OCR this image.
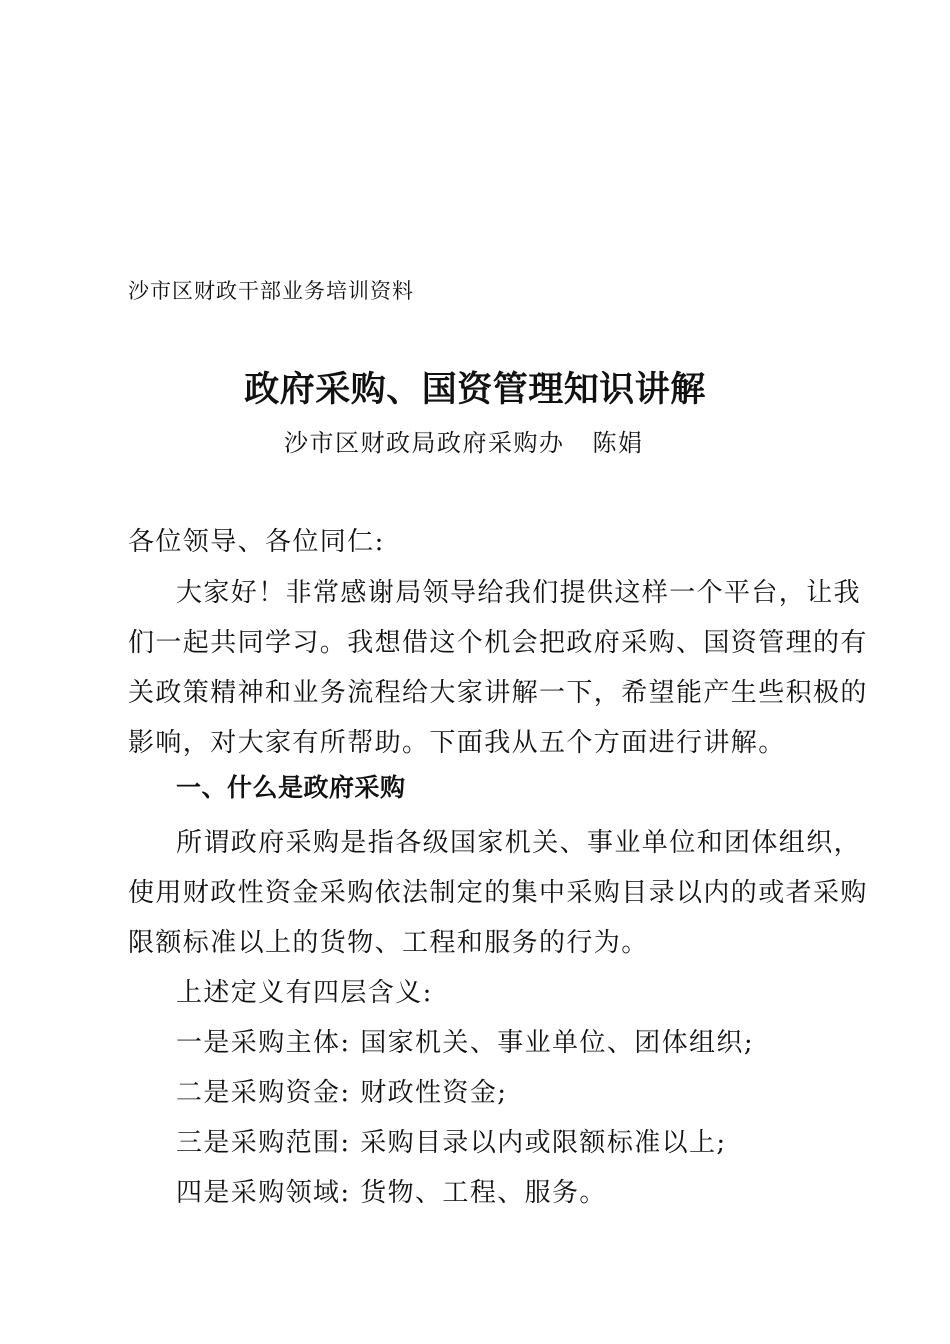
沙市区财政干部业务培训资料
政府采购、国资管理知识讲解
沙市区财政局政府采购办 陈娟
各位领导、各位同仁:
大家好！非常感谢局领导给我们提供这样一个平台，让我
们一起共同学习。我想借这个机会把政府采购、国资管理的有
关政策精神和业务流程给大家讲解一下，希望能产生些积极的
影响，对大家有所帮助。下面我从五个方面进行讲解。
一、什么是政府采购
所谓政府采购是指各级国家机关、事业单位和团体组织，
使用财政性资金采购依法制定的集中采购目录以内的或者采购
限额标准以上的货物、工程和服务的行为。
上述定义有四层含义:
一是采购主体: 国家机关、事业单位、团体组织;
二是采购资金: 财政性资金;
三是采购范围: 采购目录以内或限额标准以上;
四是采购领域: 货物、工程、服务。
